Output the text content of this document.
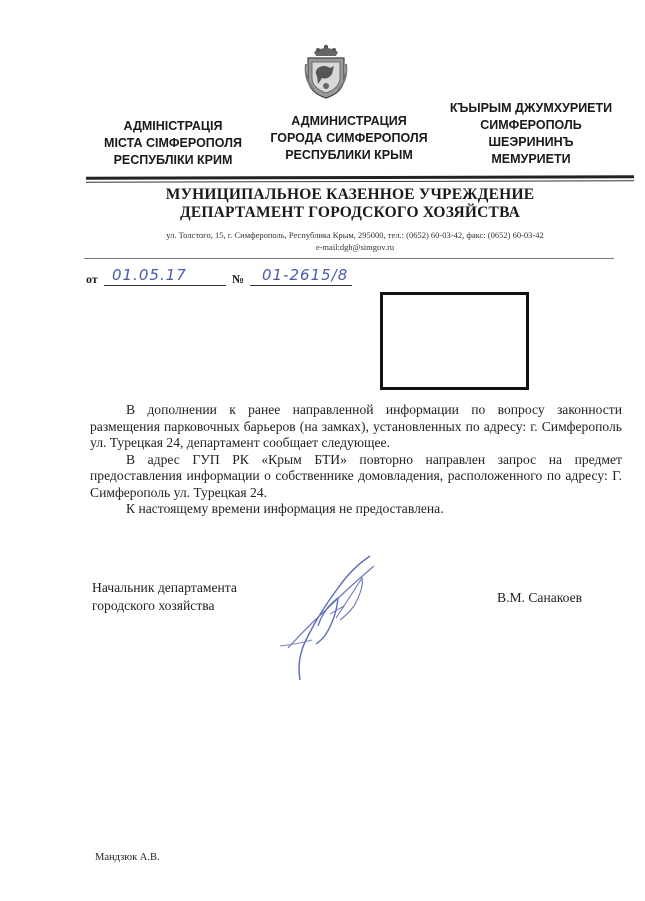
АДМІНІСТРАЦІЯ
МІСТА СІМФЕРОПОЛЯ
РЕСПУБЛІКИ КРИМ
АДМИНИСТРАЦИЯ
ГОРОДА СИМФЕРОПОЛЯ
РЕСПУБЛИКИ КРЫМ
КЪЫРЫМ ДЖУМХУРИЕТИ
СИМФЕРОПОЛЬ
ШЕЭРИНИНЪ
МЕМУРИЕТИ
МУНИЦИПАЛЬНОЕ КАЗЕННОЕ УЧРЕЖДЕНИЕ
ДЕПАРТАМЕНТ ГОРОДСКОГО ХОЗЯЙСТВА
ул. Толстого, 15, г. Симферополь, Республика Крым, 295000, тел.: (0652) 60-03-42, факс: (0652) 60-03-42
e-mail:dgh@simgov.ru
от 01.05.17	№ 01-2615/8

В дополнении к ранее направленной информации по вопросу законности размещения парковочных барьеров (на замках), установленных по адресу: г. Симферополь ул. Турецкая 24, департамент сообщает следующее.

В адрес ГУП РК «Крым БТИ» повторно направлен запрос на предмет предоставления информации о собственнике домовладения, расположенного по адресу: Г. Симферополь ул. Турецкая 24.

К настоящему времени информация не предоставлена.

Начальник департамента
городского хозяйства
В.М. Санакоев
Мандзюк А.В.
